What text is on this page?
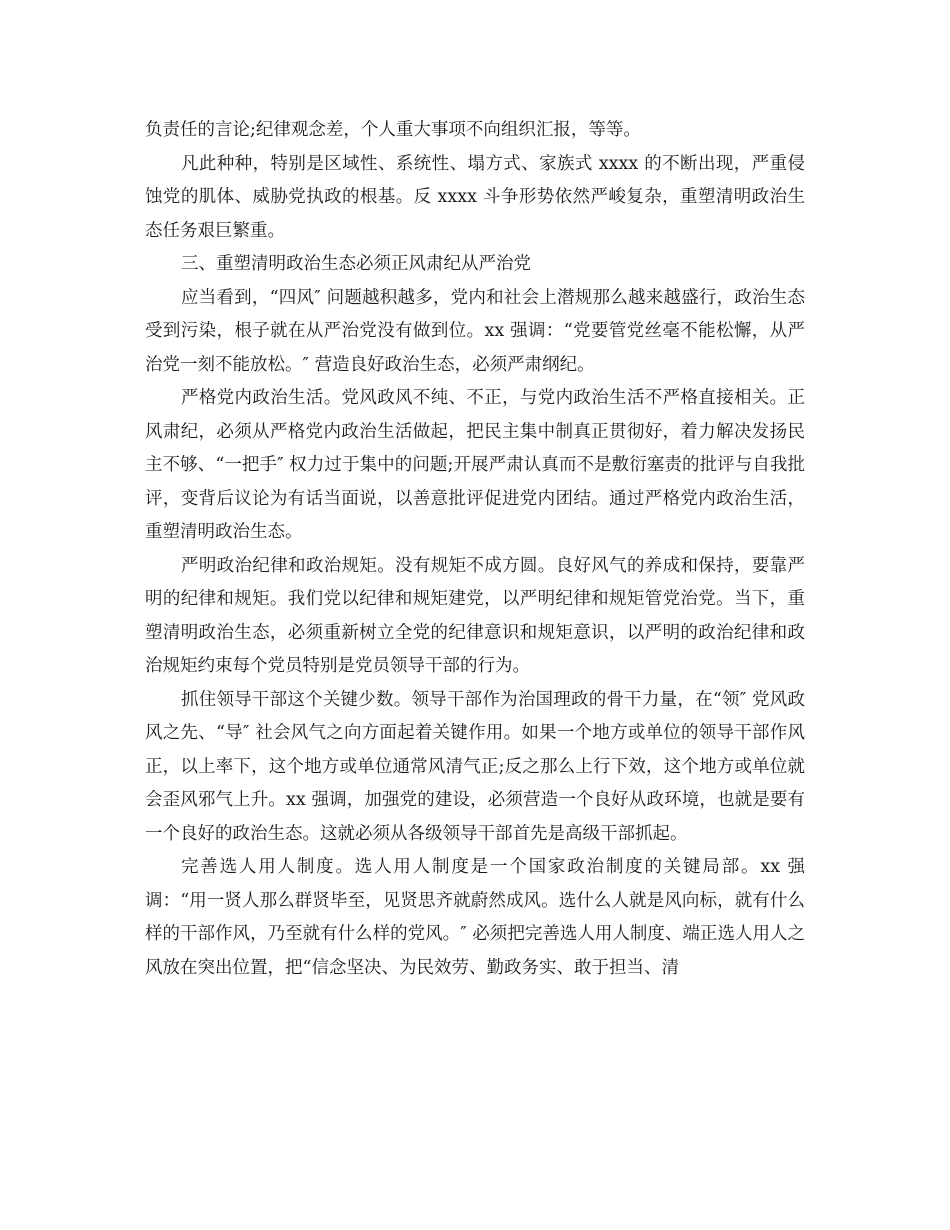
负责任的言论;纪律观念差，个人重大事项不向组织汇报，等等。

凡此种种，特别是区域性、系统性、塌方式、家族式 xxxx 的不断出现，严重侵蚀党的肌体、威胁党执政的根基。反 xxxx 斗争形势依然严峻复杂，重塑清明政治生态任务艰巨繁重。

三、重塑清明政治生态必须正风肃纪从严治党

应当看到，“四风″ 问题越积越多，党内和社会上潜规那么越来越盛行，政治生态受到污染，根子就在从严治党没有做到位。xx 强调：“党要管党丝毫不能松懈，从严治党一刻不能放松。″ 营造良好政治生态，必须严肃纲纪。

严格党内政治生活。党风政风不纯、不正，与党内政治生活不严格直接相关。正风肃纪，必须从严格党内政治生活做起，把民主集中制真正贯彻好，着力解决发扬民主不够、“一把手″ 权力过于集中的问题;开展严肃认真而不是敷衍塞责的批评与自我批评，变背后议论为有话当面说，以善意批评促进党内团结。通过严格党内政治生活，重塑清明政治生态。

严明政治纪律和政治规矩。没有规矩不成方圆。良好风气的养成和保持，要靠严明的纪律和规矩。我们党以纪律和规矩建党，以严明纪律和规矩管党治党。当下，重塑清明政治生态，必须重新树立全党的纪律意识和规矩意识，以严明的政治纪律和政治规矩约束每个党员特别是党员领导干部的行为。

抓住领导干部这个关键少数。领导干部作为治国理政的骨干力量，在“领″ 党风政风之先、“导″ 社会风气之向方面起着关键作用。如果一个地方或单位的领导干部作风正，以上率下，这个地方或单位通常风清气正;反之那么上行下效，这个地方或单位就会歪风邪气上升。xx 强调，加强党的建设，必须营造一个良好从政环境，也就是要有一个良好的政治生态。这就必须从各级领导干部首先是高级干部抓起。

完善选人用人制度。选人用人制度是一个国家政治制度的关键局部。xx 强调：“用一贤人那么群贤毕至，见贤思齐就蔚然成风。选什么人就是风向标，就有什么样的干部作风，乃至就有什么样的党风。″ 必须把完善选人用人制度、端正选人用人之风放在突出位置，把“信念坚决、为民效劳、勤政务实、敢于担当、清
